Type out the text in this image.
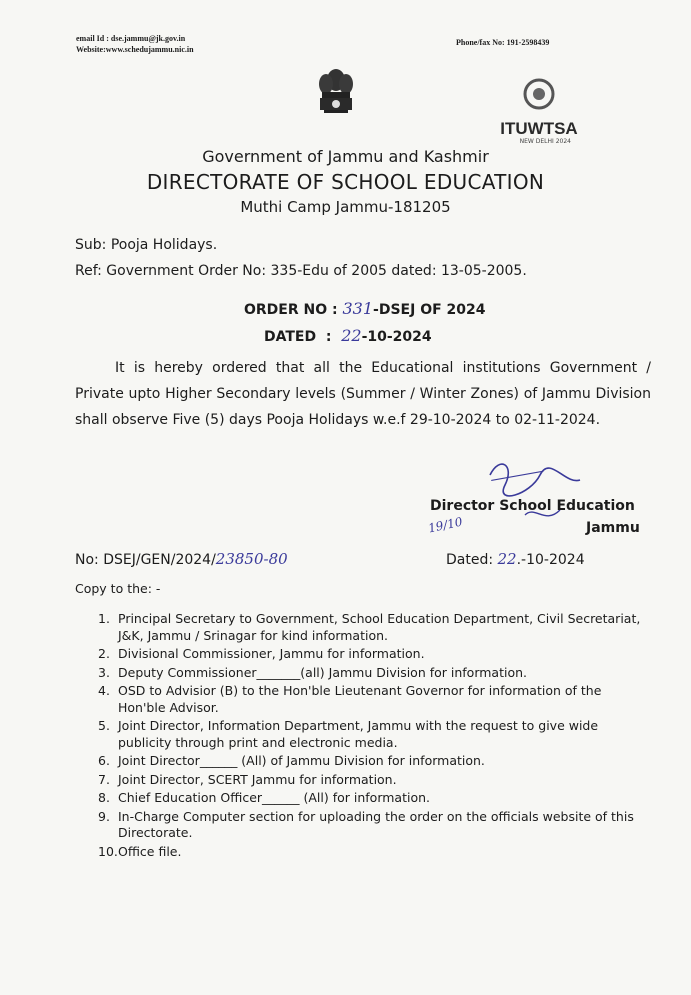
email Id : dse.jammu@jk.gov.in
Website:www.schedujammu.nic.in
Phone/fax No: 191-2598439
ITUWTSA
NEW DELHI 2024
Government of Jammu and Kashmir
DIRECTORATE OF SCHOOL EDUCATION
Muthi Camp Jammu-181205
Sub: Pooja Holidays.
Ref: Government Order No: 335-Edu of 2005 dated: 13-05-2005.
ORDER NO : 331-DSEJ OF 2024
DATED  :  22-10-2024
It is hereby ordered that all the Educational institutions Government / Private upto Higher Secondary levels (Summer / Winter Zones) of Jammu Division shall observe Five (5) days Pooja Holidays w.e.f 29-10-2024 to 02-11-2024.
⸻
Director School Education
Jammu
19/10
No: DSEJ/GEN/2024/23850-80	Dated: 22.-10-2024
Copy to the: -
1. Principal Secretary to Government, School Education Department, Civil Secretariat, J&K, Jammu / Srinagar for kind information.
2. Divisional Commissioner, Jammu for information.
3. Deputy Commissioner_______(all) Jammu Division for information.
4. OSD to Advisior (B) to the Hon'ble Lieutenant Governor for information of the Hon'ble Advisor.
5. Joint Director, Information Department, Jammu with the request to give wide publicity through print and electronic media.
6. Joint Director______ (All) of Jammu Division for information.
7. Joint Director, SCERT Jammu for information.
8. Chief Education Officer______ (All) for information.
9. In-Charge Computer section for uploading the order on the officials website of this Directorate.
10. Office file.
